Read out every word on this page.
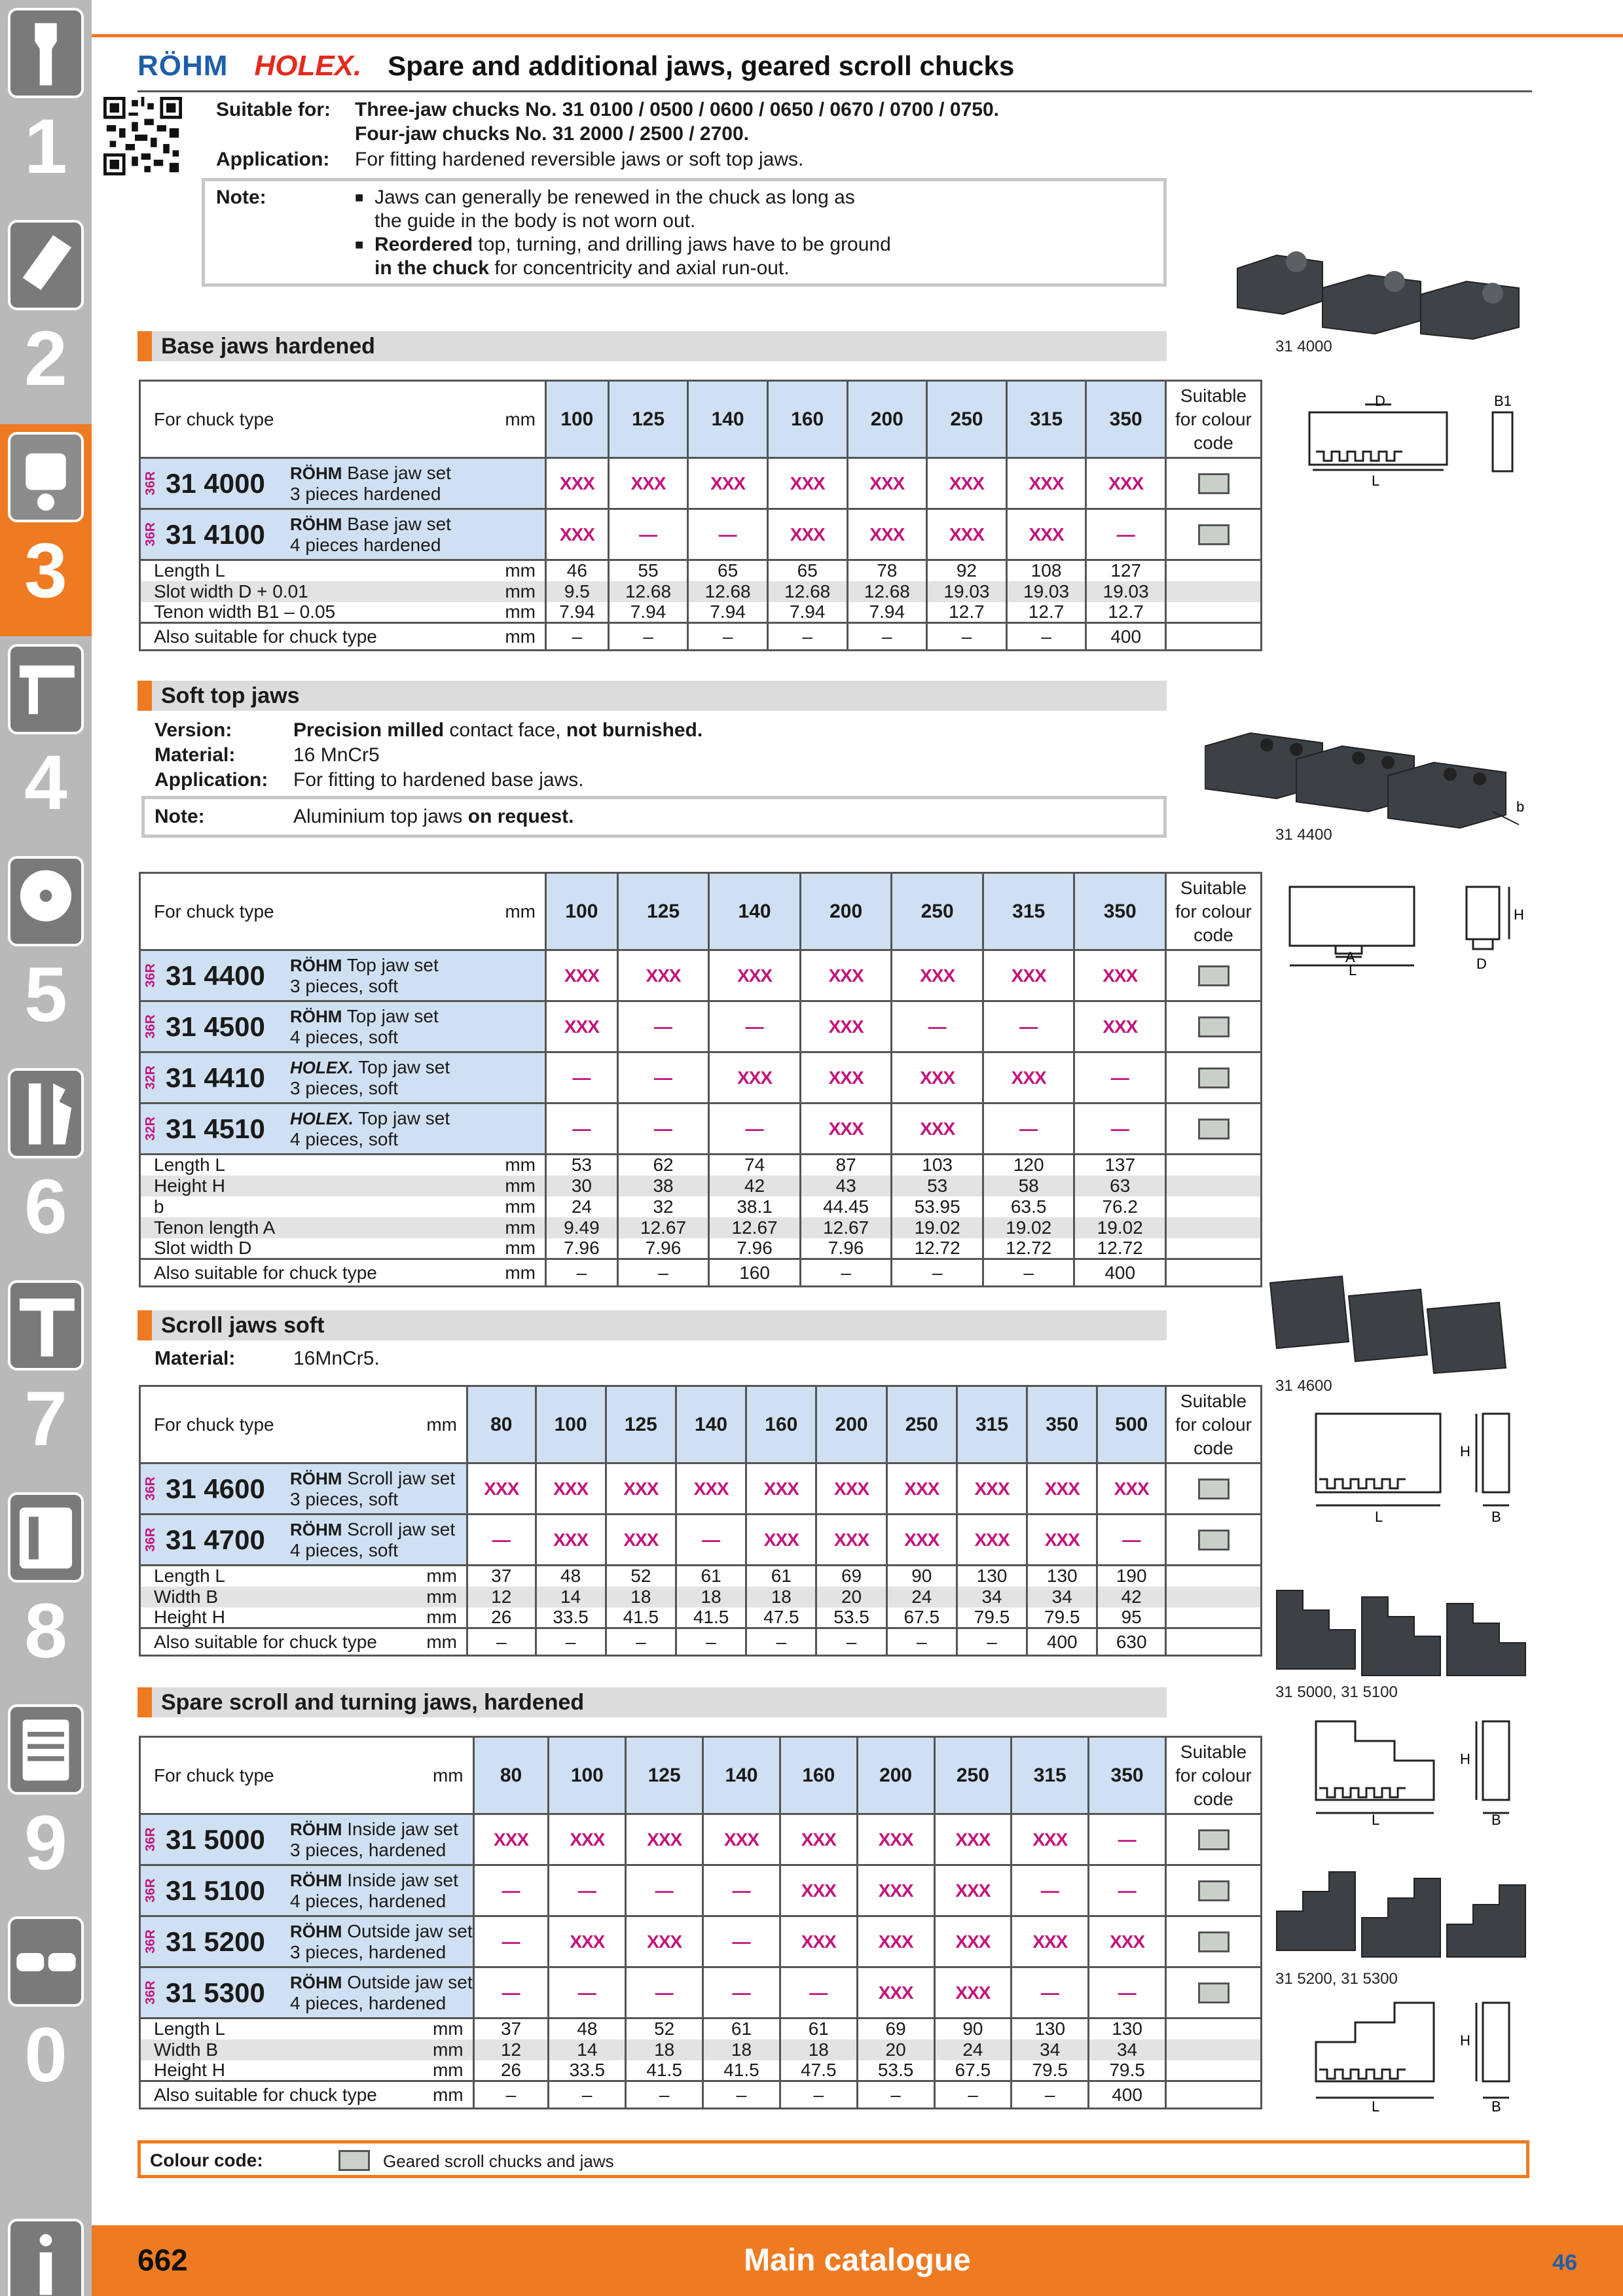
1
2
3
4
5
6
7
8
9
0
RÖHM HOLEX. Spare and additional jaws, geared scroll chucks
Suitable for: Three-jaw chucks No. 31 0100 / 0500 / 0600 / 0650 / 0670 / 0700 / 0750.
Four-jaw chucks No. 31 2000 / 2500 / 2700.
Application: For fitting hardened reversible jaws or soft top jaws.
Note:	■ Jaws can generally be renewed in the chuck as long as
the guide in the body is not worn out.
■ Reordered top, turning, and drilling jaws have to be ground
in the chuck for concentricity and axial run-out.
31 4000
Base jaws hardened
For chuck type	mm	100	125	140	160	200	250	315	350	Suitable
for colour
code

36R 31 4000 RÖHM Base jaw set
3 pieces hardened		XXX	XXX	XXX	XXX	XXX	XXX	XXX	XXX	

36R 31 4100 RÖHM Base jaw set
4 pieces hardened		XXX	—	—	XXX	XXX	XXX	XXX	—	
Length L	mm	46	55	65	65	78	92	108	127	
Slot width D + 0.01	mm	9.5	12.68	12.68	12.68	12.68	19.03	19.03	19.03	
Tenon width B1 – 0.05	mm	7.94	7.94	7.94	7.94	7.94	12.7	12.7	12.7	
Also suitable for chuck type	mm	–	–	–	–	–	–	–	400	
D
L
B1
Soft top jaws
Version:	Precision milled contact face, not burnished.
Material:	16 MnCr5
Application: For fitting to hardened base jaws.
Note:	Aluminium top jaws on request.	b
31 4400
For chuck type	mm	100	125	140	200	250	315	350	Suitable
for colour
code

36R 31 4400 RÖHM Top jaw set
3 pieces, soft		XXX	XXX	XXX	XXX	XXX	XXX	XXX	

36R 31 4500 RÖHM Top jaw set
4 pieces, soft		XXX	—	—	XXX	—	—	XXX	

32R 31 4410 HOLEX. Top jaw set
3 pieces, soft		—	—	XXX	XXX	XXX	XXX	—	

32R 31 4510 HOLEX. Top jaw set
4 pieces, soft		—	—	—	XXX	XXX	—	—	
Length L	mm	53	62	74	87	103	120	137	
Height H	mm	30	38	42	43	53	58	63	
b	mm	24	32	38.1	44.45	53.95	63.5	76.2	
Tenon length A	mm	9.49	12.67	12.67	12.67	19.02	19.02	19.02	
Slot width D	mm	7.96	7.96	7.96	7.96	12.72	12.72	12.72	
Also suitable for chuck type	mm	–	–	160	–	–	–	400	
A
L	D
H
Scroll jaws soft
Material:	16MnCr5.
31 4600
For chuck type	mm	80	100	125	140	160	200	250	315	350	500	Suitable
for colour
code

36R 31 4600 RÖHM Scroll jaw set
3 pieces, soft		XXX	XXX	XXX	XXX	XXX	XXX	XXX	XXX	XXX	XXX	

36R 31 4700 RÖHM Scroll jaw set
4 pieces, soft		—	XXX	XXX	—	XXX	XXX	XXX	XXX	XXX	—	
Length L	mm	37	48	52	61	61	69	90	130	130	190	
Width B	mm	12	14	18	18	18	20	24	34	34	42	
Height H	mm	26	33.5	41.5	41.5	47.5	53.5	67.5	79.5	79.5	95	
Also suitable for chuck type	mm	–	–	–	–	–	–	–	–	400	630	
L
H
B
Spare scroll and turning jaws, hardened	31 5000, 31 5100
For chuck type	mm	80	100	125	140	160	200	250	315	350	Suitable
for colour
code

36R 31 5000 RÖHM Inside jaw set
3 pieces, hardened		XXX	XXX	XXX	XXX	XXX	XXX	XXX	XXX	—	

36R 31 5100 RÖHM Inside jaw set
4 pieces, hardened		—	—	—	—	XXX	XXX	XXX	—	—	

36R 31 5200 RÖHM Outside jaw set
3 pieces, hardened		—	XXX	XXX	—	XXX	XXX	XXX	XXX	XXX	

36R 31 5300 RÖHM Outside jaw set
4 pieces, hardened		—	—	—	—	—	XXX	XXX	—	—	
Length L	mm	37	48	52	61	61	69	90	130	130	
Width B	mm	12	14	18	18	18	20	24	34	34	
Height H	mm	26	33.5	41.5	41.5	47.5	53.5	67.5	79.5	79.5	
Also suitable for chuck type	mm	–	–	–	–	–	–	–	–	400	
L
H
B
31 5200, 31 5300
L
H
B
Colour code:	Geared scroll chucks and jaws
662	Main catalogue	46
